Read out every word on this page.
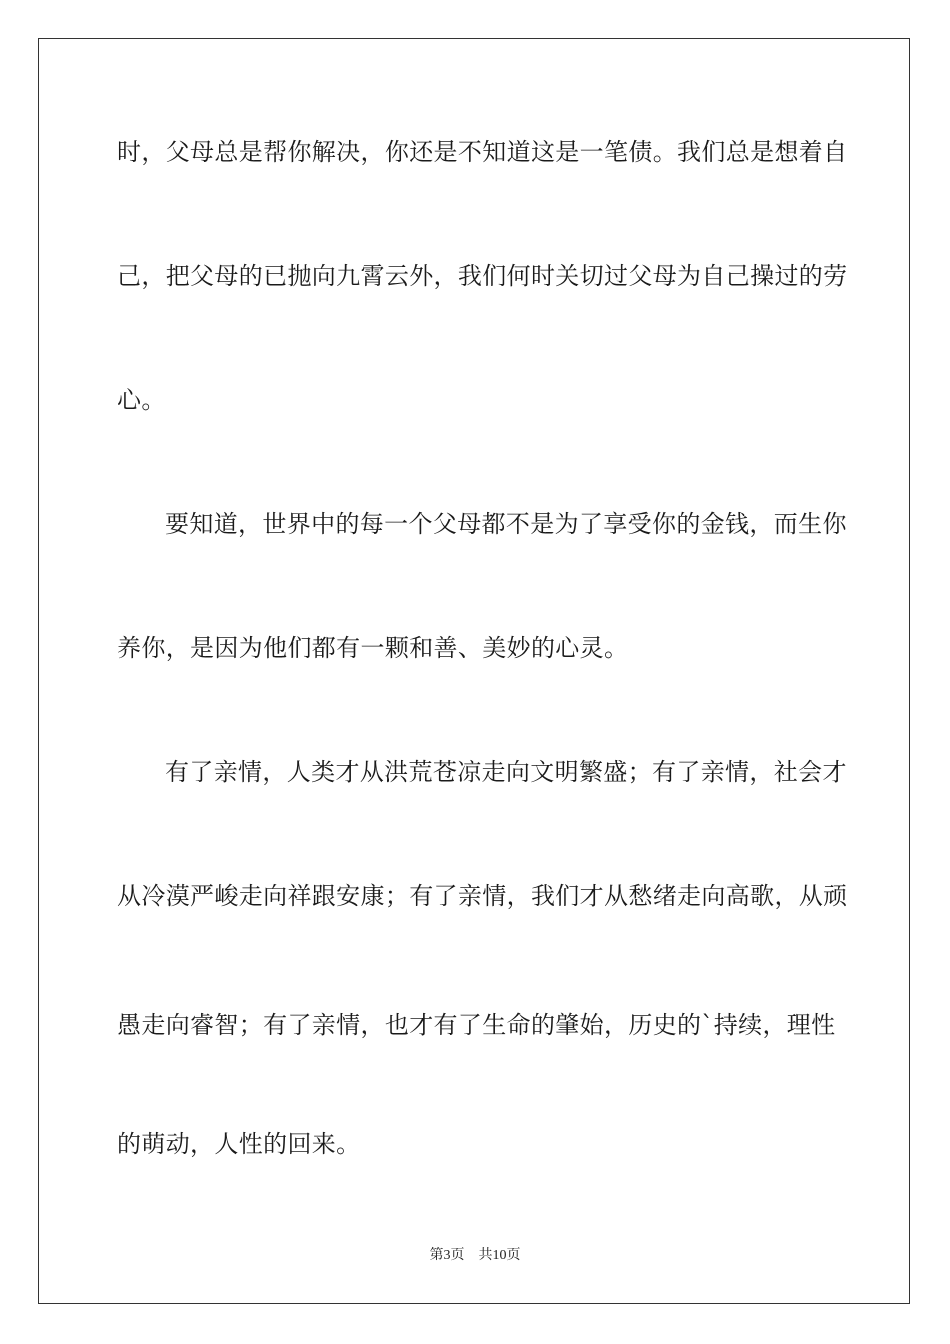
时，父母总是帮你解决，你还是不知道这是一笔债。我们总是想着自

己，把父母的已抛向九霄云外，我们何时关切过父母为自己操过的劳

心。

要知道，世界中的每一个父母都不是为了享受你的金钱，而生你

养你，是因为他们都有一颗和善、美妙的心灵。

有了亲情，人类才从洪荒苍凉走向文明繁盛；有了亲情，社会才

从冷漠严峻走向祥跟安康；有了亲情，我们才从愁绪走向高歌，从顽

愚走向睿智；有了亲情，也才有了生命的肇始，历史的`持续，理性

的萌动，人性的回来。

第3页 共10页
